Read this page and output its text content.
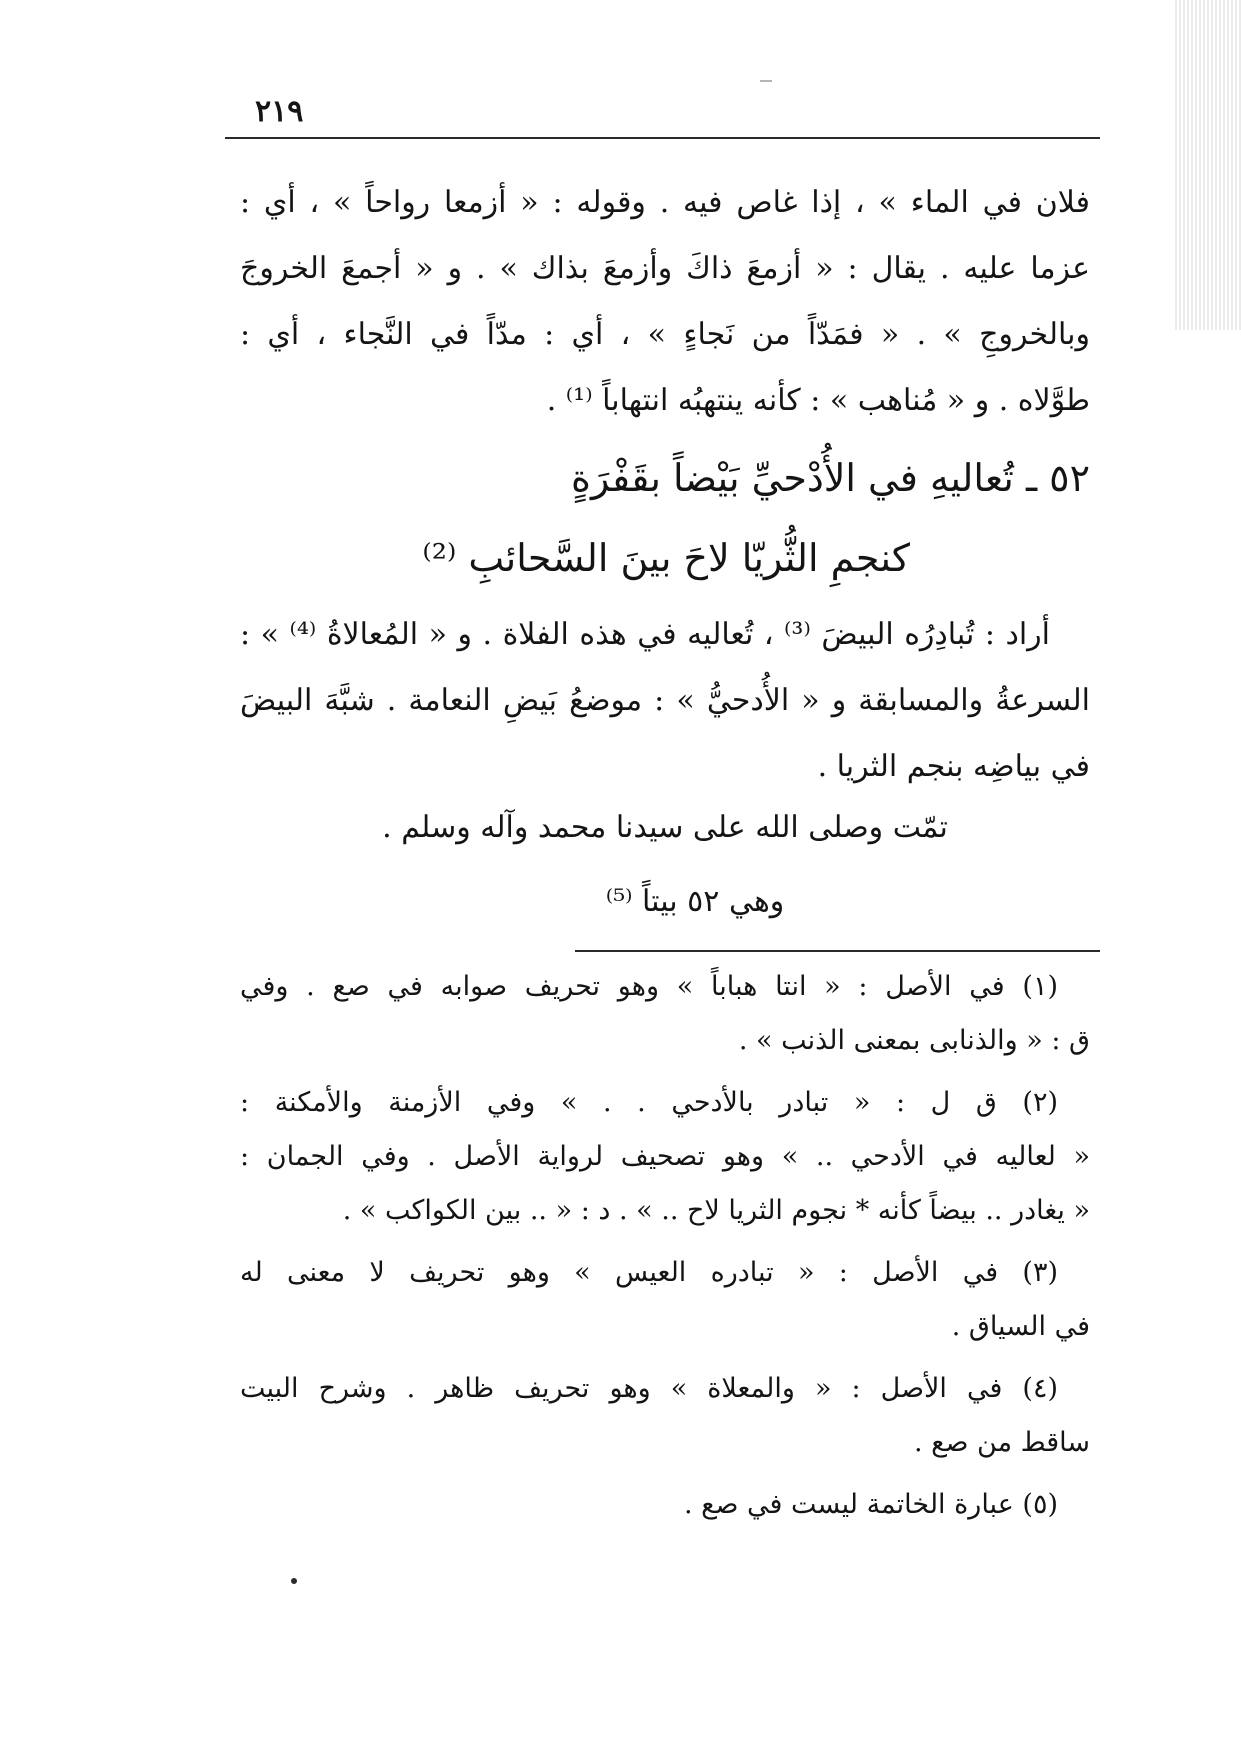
٢١٩

فلان في الماء » ، إذا غاص فيه . وقوله : « أزمعا رواحاً » ، أي :

عزما عليه . يقال : « أزمعَ ذاكَ وأزمعَ بذاك » . و « أجمعَ الخروجَ

وبالخروجِ » . « فمَدّاً من نَجاءٍ » ، أي : مدّاً في النَّجاء ، أي :

طوَّلاه . و « مُناهب » : كأنه ينتهبُه انتهاباً ⁽¹⁾ .

٥٢ ـ تُعاليهِ في الأُدْحيِّ بَيْضاً بقَفْرَةٍ
كنجمِ الثُّريّا لاحَ بينَ السَّحائبِ ⁽²⁾

أراد : تُبادِرُه البيضَ ⁽³⁾ ، تُعاليه في هذه الفلاة . و « المُعالاةُ ⁽⁴⁾ » :

السرعةُ والمسابقة و « الأُدحيُّ » : موضعُ بَيضِ النعامة . شبَّهَ البيضَ

في بياضِه بنجم الثريا .

تمّت وصلى الله على سيدنا محمد وآله وسلم .

وهي ٥٢ بيتاً ⁽⁵⁾

(١) في الأصل : « انتا هباباً » وهو تحريف صوابه في صع . وفي
ق : « والذنابى بمعنى الذنب » .
(٢) ق ل : « تبادر بالأدحي . . » وفي الأزمنة والأمكنة :
« لعاليه في الأدحي .. » وهو تصحيف لرواية الأصل . وفي الجمان :
« يغادر .. بيضاً كأنه * نجوم الثريا لاح .. » . د : « .. بين الكواكب » .
(٣) في الأصل : « تبادره العيس » وهو تحريف لا معنى له
في السياق .
(٤) في الأصل : « والمعلاة » وهو تحريف ظاهر . وشرح البيت
ساقط من صع .
(٥) عبارة الخاتمة ليست في صع .
